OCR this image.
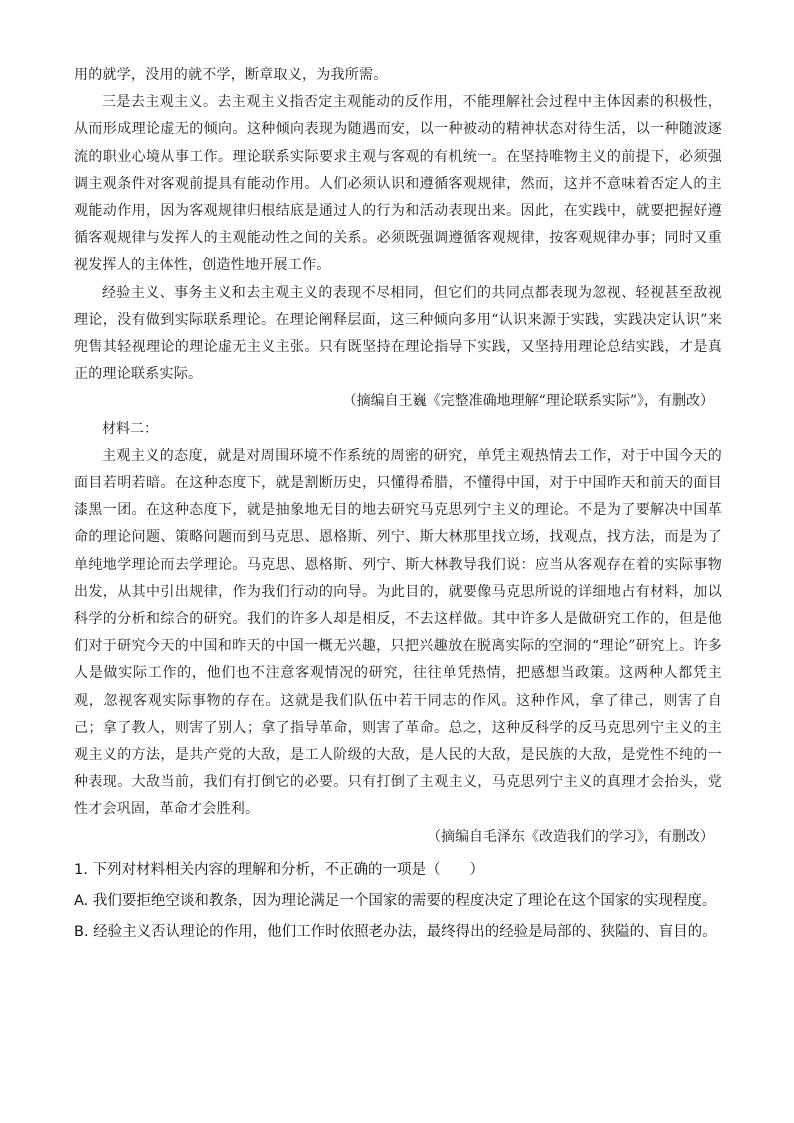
用的就学，没用的就不学，断章取义，为我所需。

三是去主观主义。去主观主义指否定主观能动的反作用，不能理解社会过程中主体因素的积极性，从而形成理论虚无的倾向。这种倾向表现为随遇而安，以一种被动的精神状态对待生活，以一种随波逐流的职业心境从事工作。理论联系实际要求主观与客观的有机统一。在坚持唯物主义的前提下，必须强调主观条件对客观前提具有能动作用。人们必须认识和遵循客观规律，然而，这并不意味着否定人的主观能动作用，因为客观规律归根结底是通过人的行为和活动表现出来。因此，在实践中，就要把握好遵循客观规律与发挥人的主观能动性之间的关系。必须既强调遵循客观规律，按客观规律办事；同时又重视发挥人的主体性，创造性地开展工作。

经验主义、事务主义和去主观主义的表现不尽相同，但它们的共同点都表现为忽视、轻视甚至敌视理论，没有做到实际联系理论。在理论阐释层面，这三种倾向多用“认识来源于实践，实践决定认识”来兜售其轻视理论的理论虚无主义主张。只有既坚持在理论指导下实践，又坚持用理论总结实践，才是真正的理论联系实际。

（摘编自王巍《完整准确地理解“理论联系实际”》，有删改）

材料二：

主观主义的态度，就是对周围环境不作系统的周密的研究，单凭主观热情去工作，对于中国今天的面目若明若暗。在这种态度下，就是割断历史，只懂得希腊，不懂得中国，对于中国昨天和前天的面目漆黑一团。在这种态度下，就是抽象地无目的地去研究马克思列宁主义的理论。不是为了要解决中国革命的理论问题、策略问题而到马克思、恩格斯、列宁、斯大林那里找立场，找观点，找方法，而是为了单纯地学理论而去学理论。马克思、恩格斯、列宁、斯大林教导我们说：应当从客观存在着的实际事物出发，从其中引出规律，作为我们行动的向导。为此目的，就要像马克思所说的详细地占有材料，加以科学的分析和综合的研究。我们的许多人却是相反，不去这样做。其中许多人是做研究工作的，但是他们对于研究今天的中国和昨天的中国一概无兴趣，只把兴趣放在脱离实际的空洞的“理论”研究上。许多人是做实际工作的，他们也不注意客观情况的研究，往往单凭热情，把感想当政策。这两种人都凭主观，忽视客观实际事物的存在。这就是我们队伍中若干同志的作风。这种作风，拿了律己，则害了自己；拿了教人，则害了别人；拿了指导革命，则害了革命。总之，这种反科学的反马克思列宁主义的主观主义的方法，是共产党的大敌，是工人阶级的大敌，是人民的大敌，是民族的大敌，是党性不纯的一种表现。大敌当前，我们有打倒它的必要。只有打倒了主观主义，马克思列宁主义的真理才会抬头，党性才会巩固，革命才会胜利。

（摘编自毛泽东《改造我们的学习》，有删改）

1. 下列对材料相关内容的理解和分析，不正确的一项是（　　）

A. 我们要拒绝空谈和教条，因为理论满足一个国家的需要的程度决定了理论在这个国家的实现程度。

B. 经验主义否认理论的作用，他们工作时依照老办法，最终得出的经验是局部的、狭隘的、盲目的。
